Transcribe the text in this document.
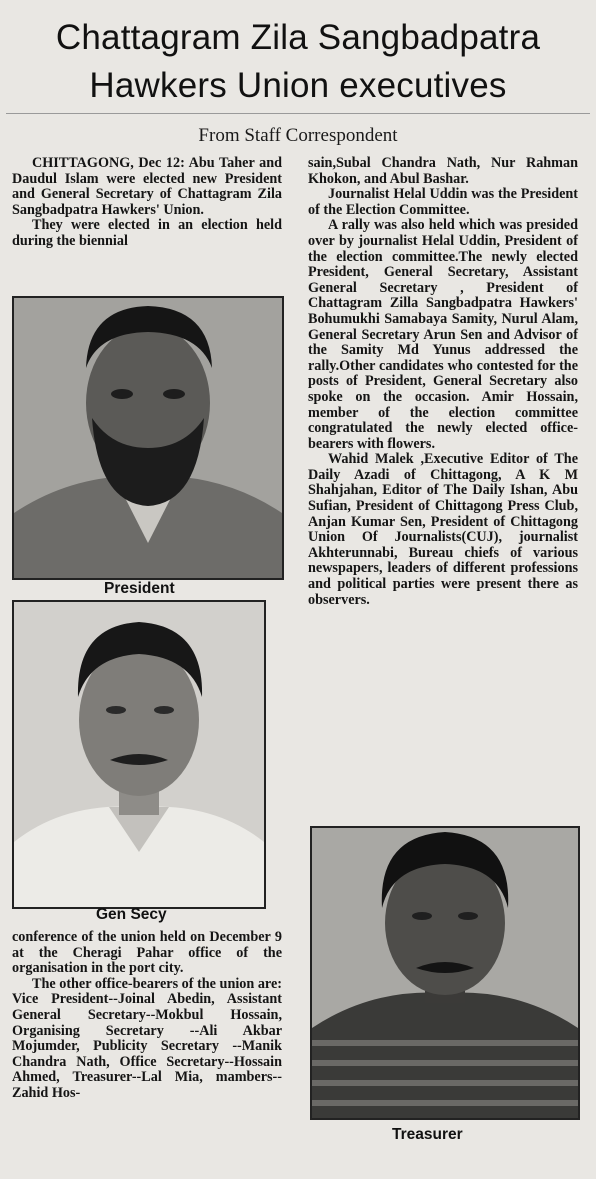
Chattagram Zila Sangbadpatra
Hawkers Union executives
From Staff Correspondent

CHITTAGONG, Dec 12: Abu Taher and Daudul Islam were elected new President and General Secretary of Chattagram Zila Sangbadpatra Hawkers' Union.

They were elected in an election held during the biennial

President
Gen Secy

conference of the union held on December 9 at the Cheragi Pahar office of the organisation in the port city.

The other office-bearers of the union are: Vice President--Joinal Abedin, Assistant General Secretary--Mokbul Hossain, Organising Secretary --Ali Akbar Mojumder, Publicity Secretary --Manik Chandra Nath, Office Secretary--Hossain Ahmed, Treasurer--Lal Mia, mambers-- Zahid Hos-

sain,Subal Chandra Nath, Nur Rahman Khokon, and Abul Bashar.

Journalist Helal Uddin was the President of the Election Committee.

A rally was also held which was presided over by journalist Helal Uddin, President of the election committee.The newly elected President, General Secretary, Assistant General Secretary , President of Chattagram Zilla Sangbadpatra Hawkers' Bohumukhi Samabaya Samity, Nurul Alam, General Secretary Arun Sen and Advisor of the Samity Md Yunus addressed the rally.Other candidates who contested for the posts of President, General Secretary also spoke on the occasion. Amir Hossain, member of the election committee congratulated the newly elected office-bearers with flowers.

Wahid Malek ,Executive Editor of The Daily Azadi of Chittagong, A K M Shahjahan, Editor of The Daily Ishan, Abu Sufian, President of Chittagong Press Club, Anjan Kumar Sen, President of Chittagong Union Of Journalists(CUJ), journalist Akhterunnabi, Bureau chiefs of various newspapers, leaders of different professions and political parties were present there as observers.

Treasurer
